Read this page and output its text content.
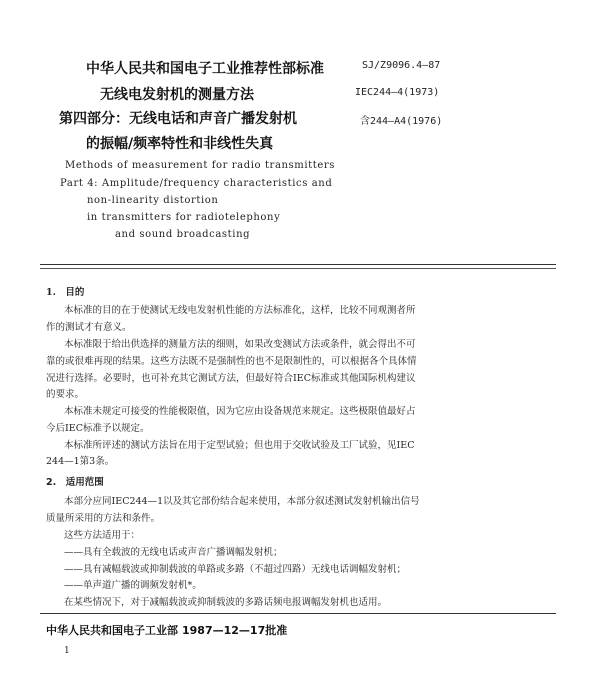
中华人民共和国电子工业推荐性部标准	SJ/Z9096.4—87
无线电发射机的测量方法	IEC244—4(1973)
第四部分：无线电话和声音广播发射机	含244—A4(1976)
的振幅/频率特性和非线性失真
Methods of measurement for radio transmitters
Part 4: Amplitude/frequency characteristics and
non-linearity distortion
in transmitters for radiotelephony
and sound broadcasting
1.　目的
本标准的目的在于使测试无线电发射机性能的方法标准化，这样，比较不同观测者所
作的测试才有意义。
本标准限于给出供选择的测量方法的细则，如果改变测试方法或条件，就会得出不可
靠的或很难再现的结果。这些方法既不是强制性的也不是限制性的，可以根据各个具体情
况进行选择。必要时，也可补充其它测试方法，但最好符合IEC标准或其他国际机构建议
的要求。
本标准未规定可接受的性能极限值，因为它应由设备规范来规定。这些极限值最好占
今后IEC标准予以规定。
本标准所评述的测试方法旨在用于定型试验；但也用于交收试验及工厂试验，见IEC
244—1第3条。
2.　适用范围
本部分应同IEC244—1以及其它部份结合起来使用，本部分叙述测试发射机输出信号
质量所采用的方法和条件。
这些方法适用于：
——具有全载波的无线电话或声音广播调幅发射机；
——具有减幅载波或抑制载波的单路或多路（不超过四路）无线电话调幅发射机；
——单声道广播的调频发射机*。
在某些情况下，对于减幅载波或抑制载波的多路话频电报调幅发射机也适用。
中华人民共和国电子工业部 1987—12—17批准
1
